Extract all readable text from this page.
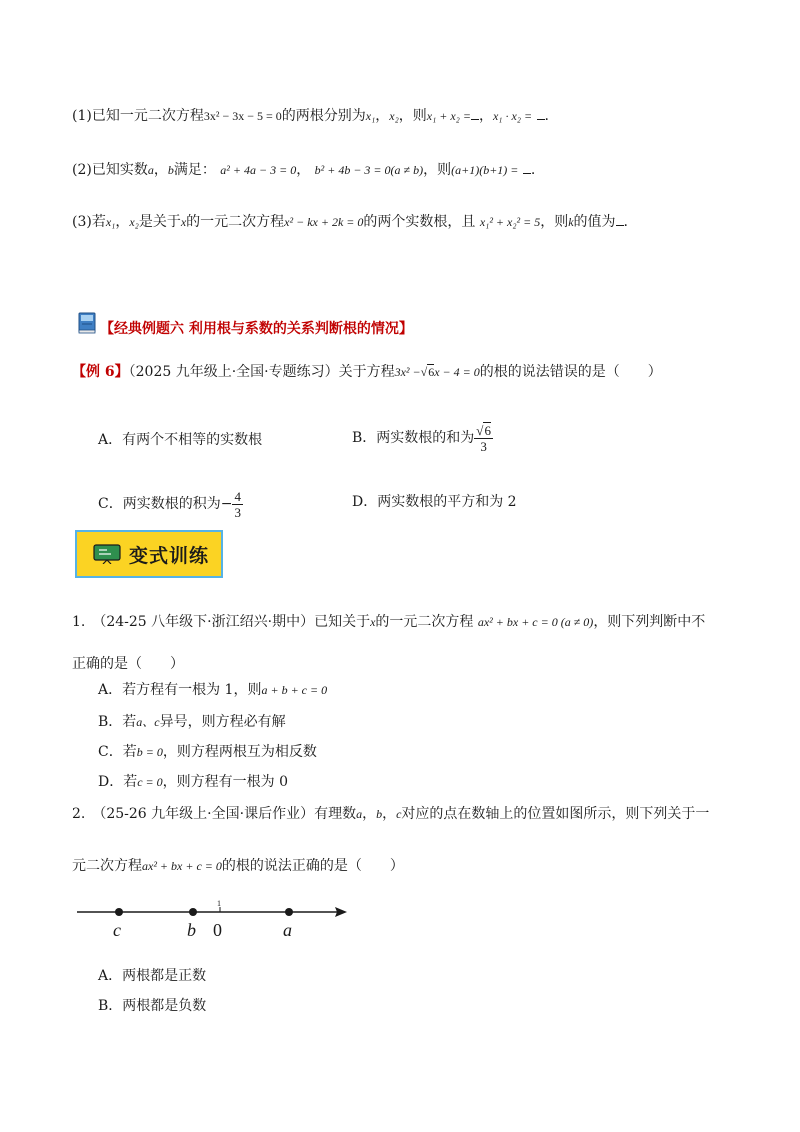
(1)已知一元二次方程3x² − 3x − 5 = 0的两根分别为x₁，x₂，则x₁ + x₂ = ，x₁ · x₂ = .
(2)已知实数a，b满足： a² + 4a − 3 = 0， b² + 4b − 3 = 0(a ≠ b)，则(a+1)(b+1) = .
(3)若x₁，x₂是关于x的一元二次方程x² − kx + 2k = 0的两个实数根，且 x₁² + x₂² = 5，则k的值为 .
【经典例题六 利用根与系数的关系判断根的情况】
【例 6】（2025 九年级上·全国·专题练习）关于方程3x² −√6x − 4 = 0的根的说法错误的是（　　）
A．有两个不相等的实数根	B．两实数根的和为 $\frac{√6}{3}$
C．两实数根的积为− $\frac{4}{3}$	D．两实数根的平方和为 2
变式训练
1.　 （24-25 八年级下·浙江绍兴·期中）已知关于x的一元二次方程 ax² + bx + c = 0 (a ≠ 0)，则下列判断中不
正确的是（　　）
A．若方程有一根为 1，则a + b + c = 0
B．若a、c异号，则方程必有解
C．若b = 0，则方程两根互为相反数
D．若c = 0，则方程有一根为 0
2.　 （25-26 九年级上·全国·课后作业）有理数a，b，c对应的点在数轴上的位置如图所示，则下列关于一
元二次方程ax² + bx + c = 0的根的说法正确的是（　　）
1
c	b 0	a
A．两根都是正数
B．两根都是负数
